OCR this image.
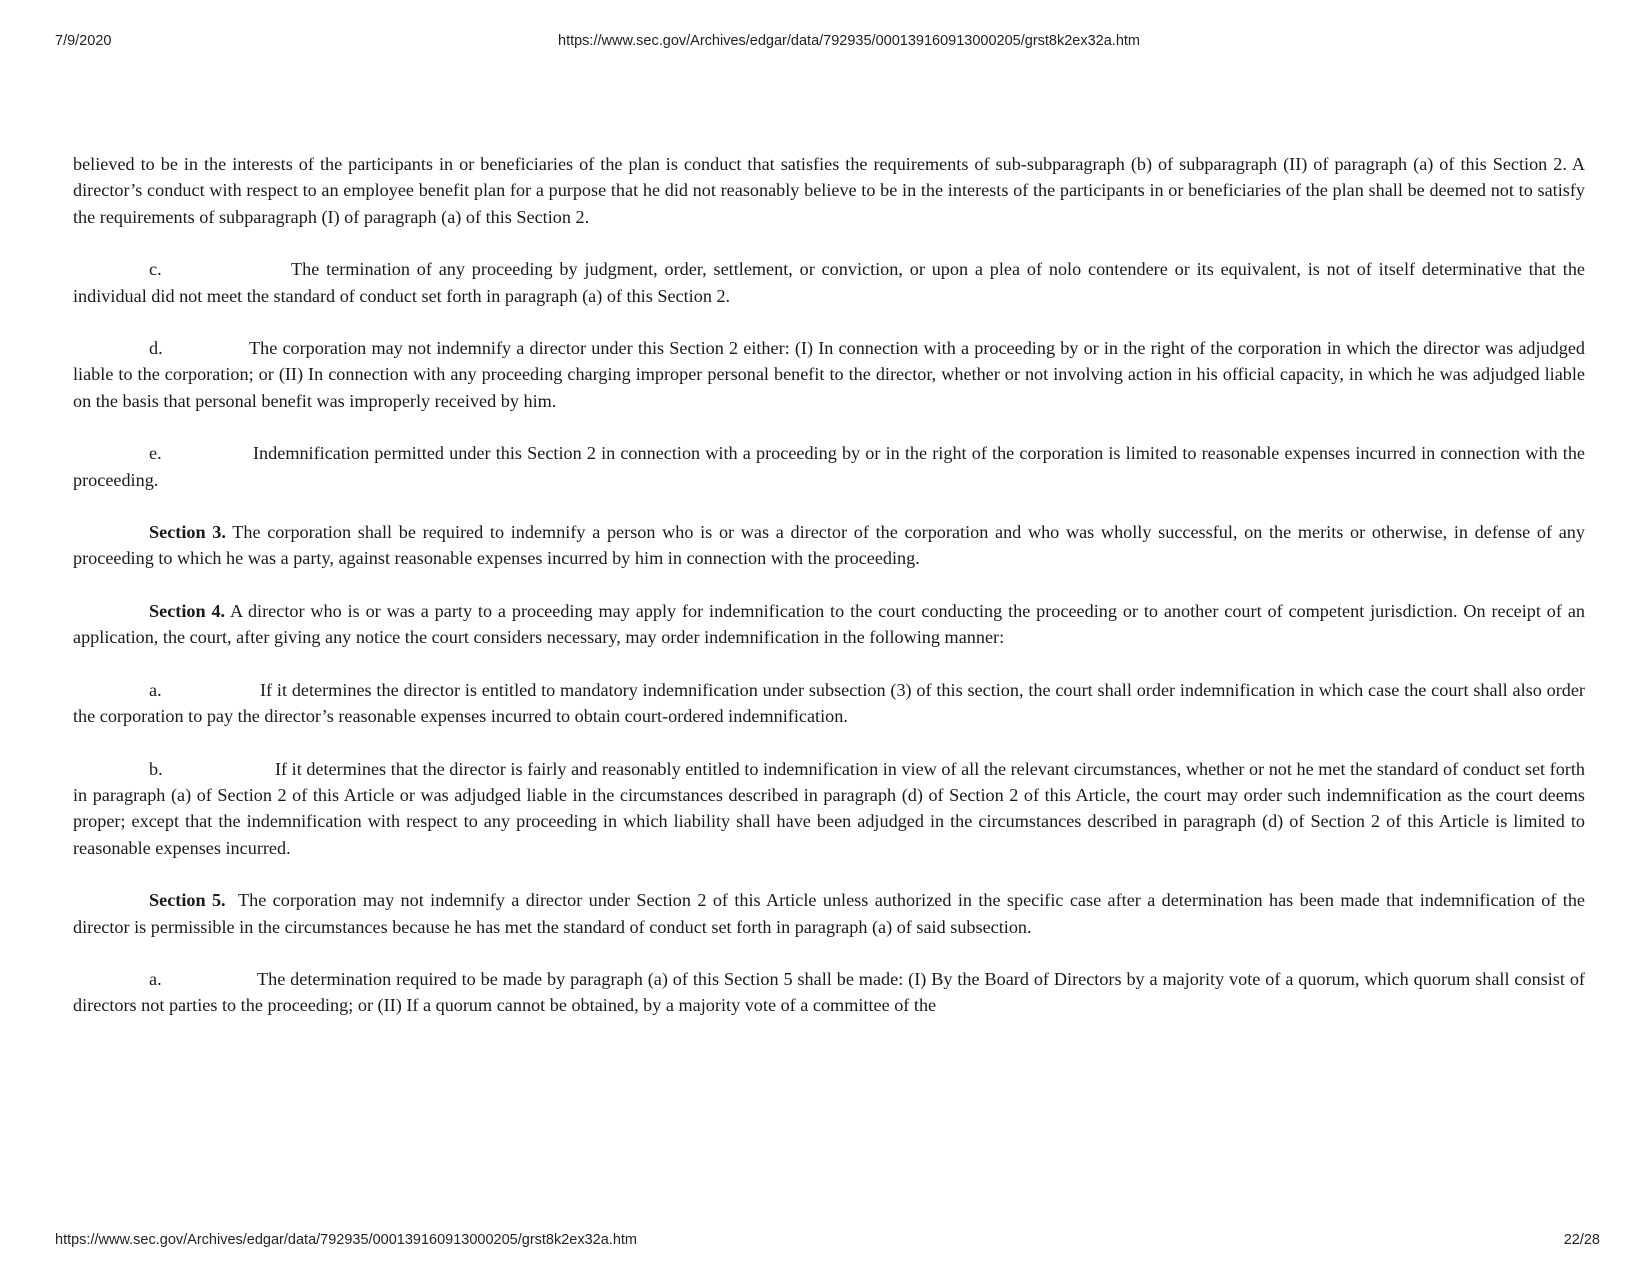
7/9/2020	https://www.sec.gov/Archives/edgar/data/792935/000139160913000205/grst8k2ex32a.htm

believed to be in the interests of the participants in or beneficiaries of the plan is conduct that satisfies the requirements of sub-subparagraph (b) of subparagraph (II) of paragraph (a) of this Section 2. A director’s conduct with respect to an employee benefit plan for a purpose that he did not reasonably believe to be in the interests of the participants in or beneficiaries of the plan shall be deemed not to satisfy the requirements of subparagraph (I) of paragraph (a) of this Section 2.

c.	The termination of any proceeding by judgment, order, settlement, or conviction, or upon a plea of nolo contendere or its equivalent, is not of itself determinative that the individual did not meet the standard of conduct set forth in paragraph (a) of this Section 2.

d.	The corporation may not indemnify a director under this Section 2 either: (I) In connection with a proceeding by or in the right of the corporation in which the director was adjudged liable to the corporation; or (II) In connection with any proceeding charging improper personal benefit to the director, whether or not involving action in his official capacity, in which he was adjudged liable on the basis that personal benefit was improperly received by him.

e.	Indemnification permitted under this Section 2 in connection with a proceeding by or in the right of the corporation is limited to reasonable expenses incurred in connection with the proceeding.

Section 3. The corporation shall be required to indemnify a person who is or was a director of the corporation and who was wholly successful, on the merits or otherwise, in defense of any proceeding to which he was a party, against reasonable expenses incurred by him in connection with the proceeding.

Section 4. A director who is or was a party to a proceeding may apply for indemnification to the court conducting the proceeding or to another court of competent jurisdiction. On receipt of an application, the court, after giving any notice the court considers necessary, may order indemnification in the following manner:

a.	If it determines the director is entitled to mandatory indemnification under subsection (3) of this section, the court shall order indemnification in which case the court shall also order the corporation to pay the director’s reasonable expenses incurred to obtain court-ordered indemnification.

b.	If it determines that the director is fairly and reasonably entitled to indemnification in view of all the relevant circumstances, whether or not he met the standard of conduct set forth in paragraph (a) of Section 2 of this Article or was adjudged liable in the circumstances described in paragraph (d) of Section 2 of this Article, the court may order such indemnification as the court deems proper; except that the indemnification with respect to any proceeding in which liability shall have been adjudged in the circumstances described in paragraph (d) of Section 2 of this Article is limited to reasonable expenses incurred.

Section 5. The corporation may not indemnify a director under Section 2 of this Article unless authorized in the specific case after a determination has been made that indemnification of the director is permissible in the circumstances because he has met the standard of conduct set forth in paragraph (a) of said subsection.

a.	The determination required to be made by paragraph (a) of this Section 5 shall be made: (I) By the Board of Directors by a majority vote of a quorum, which quorum shall consist of directors not parties to the proceeding; or (II) If a quorum cannot be obtained, by a majority vote of a committee of the

https://www.sec.gov/Archives/edgar/data/792935/000139160913000205/grst8k2ex32a.htm	22/28
